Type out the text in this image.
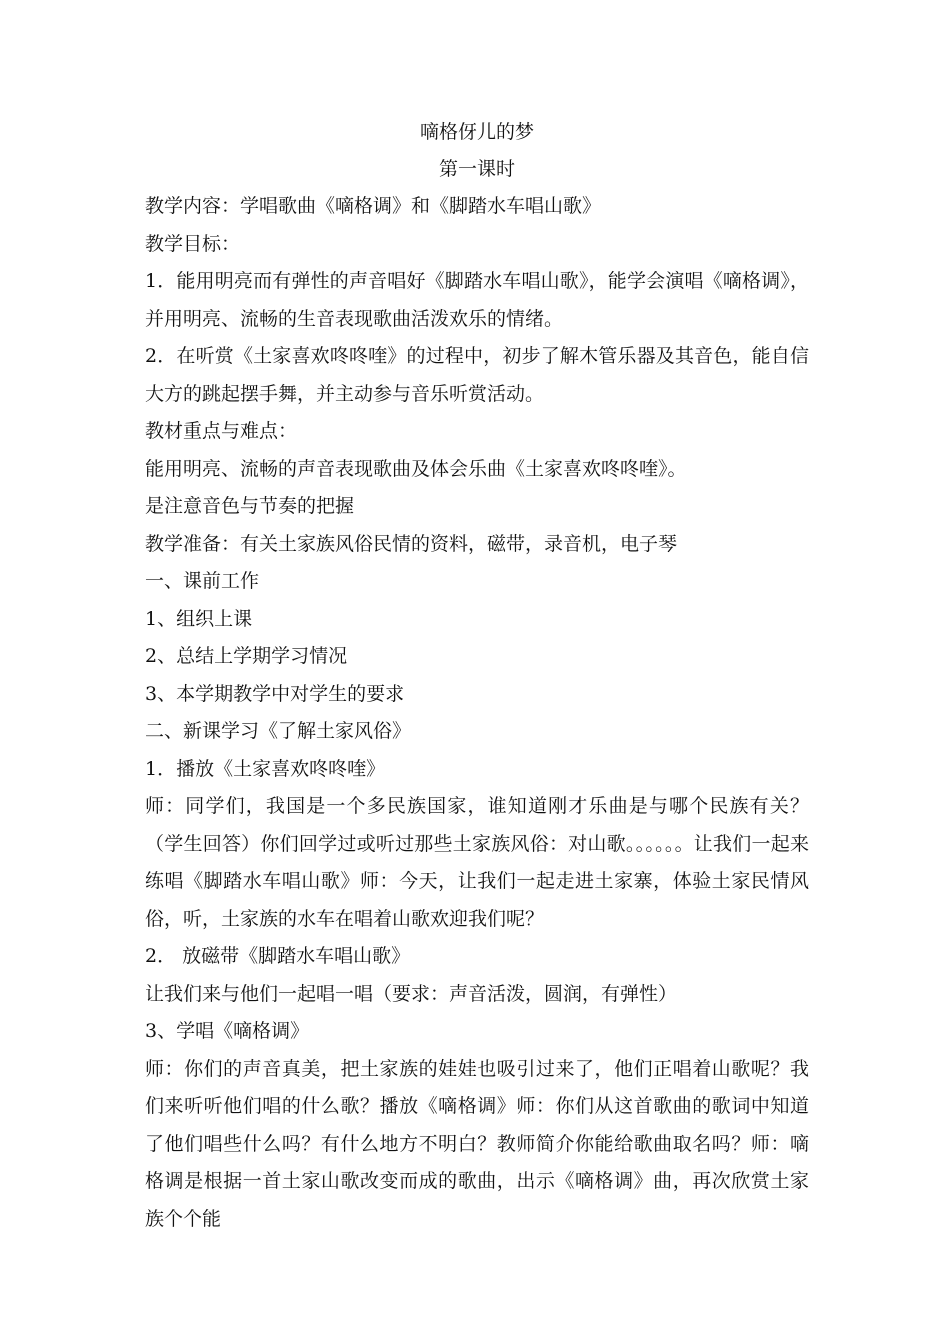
嘀格伢儿的梦
第一课时

教学内容：学唱歌曲《嘀格调》和《脚踏水车唱山歌》

教学目标：

1．能用明亮而有弹性的声音唱好《脚踏水车唱山歌》，能学会演唱《嘀格调》，并用明亮、流畅的生音表现歌曲活泼欢乐的情绪。

2．在听赏《土家喜欢咚咚喹》的过程中，初步了解木管乐器及其音色，能自信大方的跳起摆手舞，并主动参与音乐听赏活动。

教材重点与难点：

能用明亮、流畅的声音表现歌曲及体会乐曲《土家喜欢咚咚喹》。

是注意音色与节奏的把握

教学准备：有关土家族风俗民情的资料，磁带，录音机，电子琴

一、课前工作

1、组织上课

2、总结上学期学习情况

3、本学期教学中对学生的要求

二、新课学习《了解土家风俗》

1．播放《土家喜欢咚咚喹》

师：同学们，我国是一个多民族国家，谁知道刚才乐曲是与哪个民族有关？（学生回答）你们回学过或听过那些土家族风俗：对山歌。。。。。。让我们一起来练唱《脚踏水车唱山歌》师：今天，让我们一起走进土家寨，体验土家民情风俗，听，土家族的水车在唱着山歌欢迎我们呢？

2． 放磁带《脚踏水车唱山歌》

让我们来与他们一起唱一唱（要求：声音活泼，圆润，有弹性）

3、学唱《嘀格调》

师：你们的声音真美，把土家族的娃娃也吸引过来了，他们正唱着山歌呢？我们来听听他们唱的什么歌？播放《嘀格调》师：你们从这首歌曲的歌词中知道了他们唱些什么吗？有什么地方不明白？教师简介你能给歌曲取名吗？师：嘀格调是根据一首土家山歌改变而成的歌曲，出示《嘀格调》曲，再次欣赏土家族个个能
